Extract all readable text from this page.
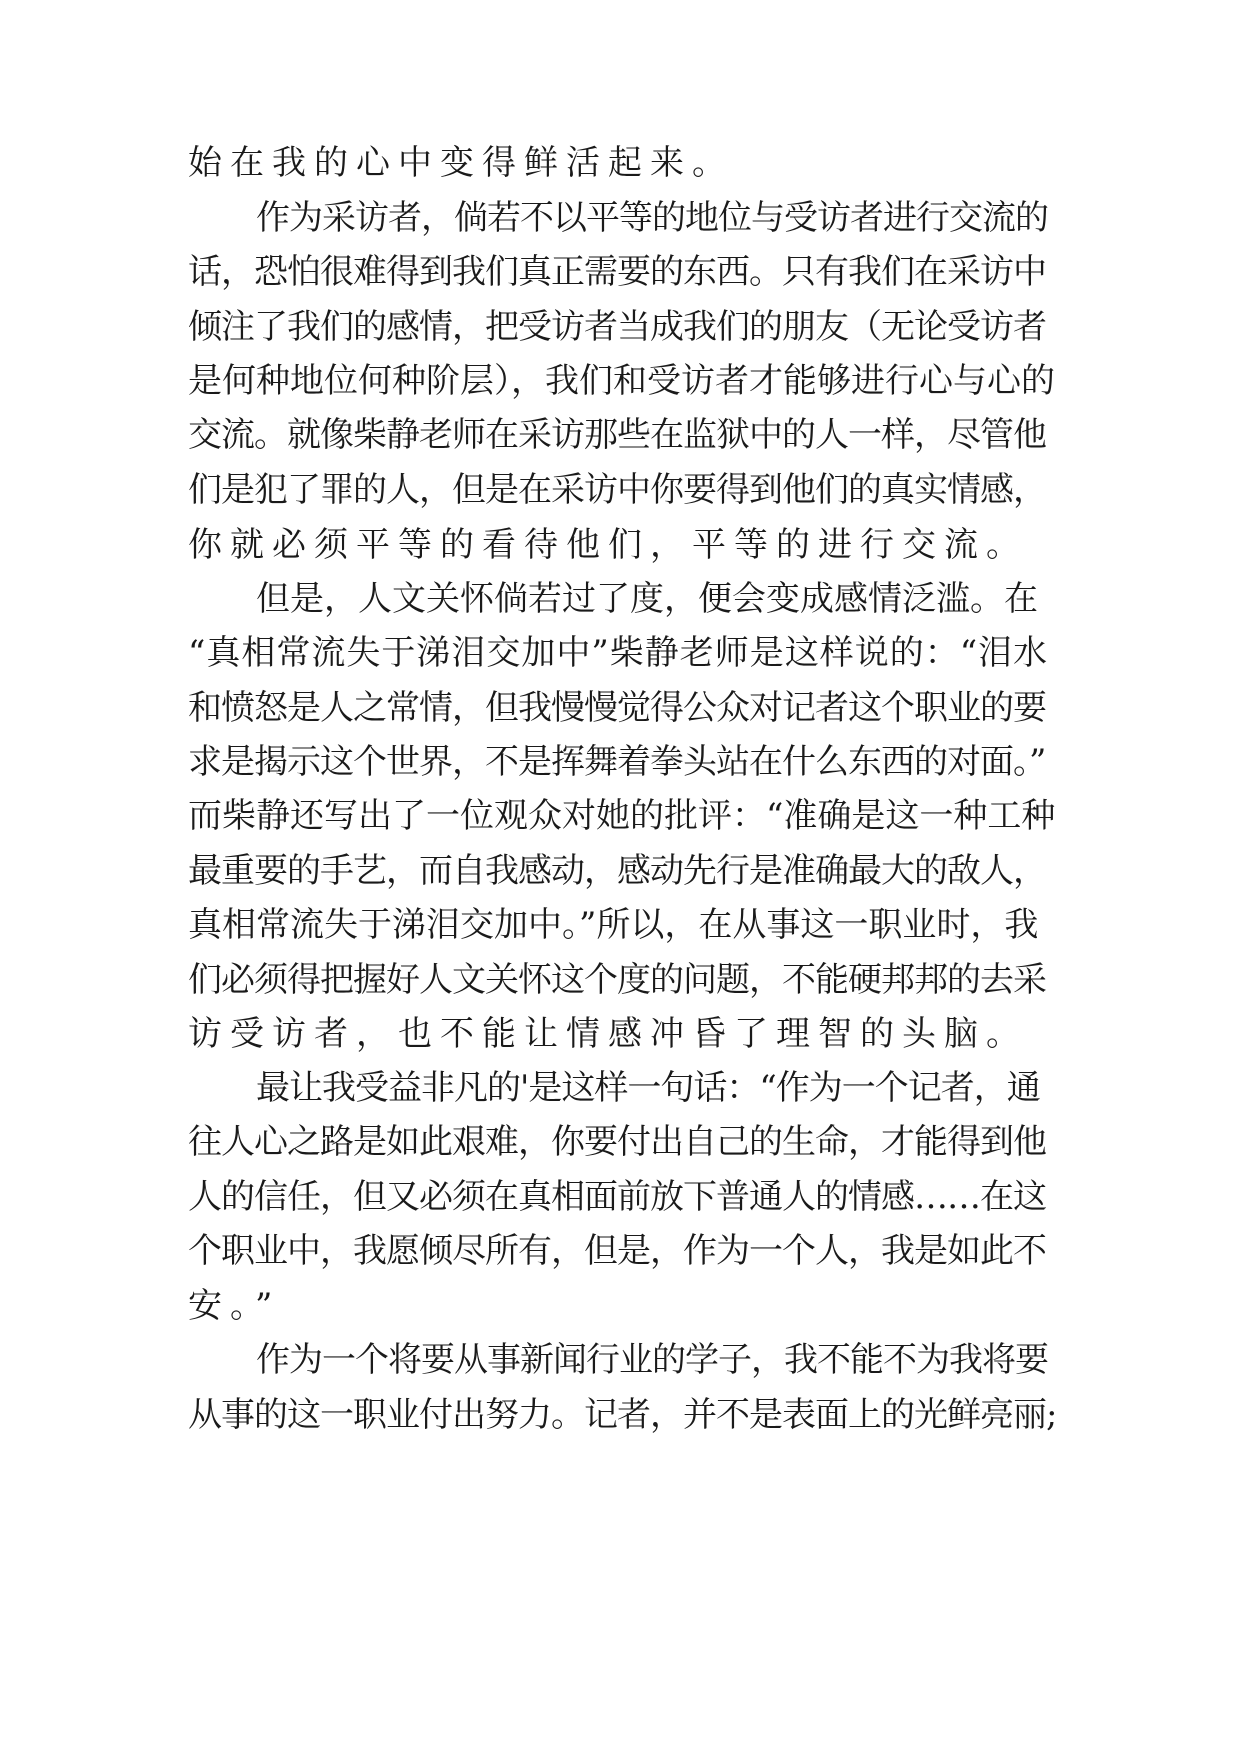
始在我的心中变得鲜活起来。
作为采访者，倘若不以平等的地位与受访者进行交流的
话，恐怕很难得到我们真正需要的东西。只有我们在采访中
倾注了我们的感情，把受访者当成我们的朋友（无论受访者
是何种地位何种阶层），我们和受访者才能够进行心与心的
交流。就像柴静老师在采访那些在监狱中的人一样，尽管他
们是犯了罪的人，但是在采访中你要得到他们的真实情感，
你就必须平等的看待他们，平等的进行交流。
但是，人文关怀倘若过了度，便会变成感情泛滥。在
“真相常流失于涕泪交加中”柴静老师是这样说的：“泪水
和愤怒是人之常情，但我慢慢觉得公众对记者这个职业的要
求是揭示这个世界，不是挥舞着拳头站在什么东西的对面。”
而柴静还写出了一位观众对她的批评：“准确是这一种工种
最重要的手艺，而自我感动，感动先行是准确最大的敌人，
真相常流失于涕泪交加中。”所以，在从事这一职业时，我
们必须得把握好人文关怀这个度的问题，不能硬邦邦的去采
访受访者，也不能让情感冲昏了理智的头脑。
最让我受益非凡的'是这样一句话：“作为一个记者，通
往人心之路是如此艰难，你要付出自己的生命，才能得到他
人的信任，但又必须在真相面前放下普通人的情感……在这
个职业中，我愿倾尽所有，但是，作为一个人，我是如此不
安。”
作为一个将要从事新闻行业的学子，我不能不为我将要
从事的这一职业付出努力。记者，并不是表面上的光鲜亮丽;
